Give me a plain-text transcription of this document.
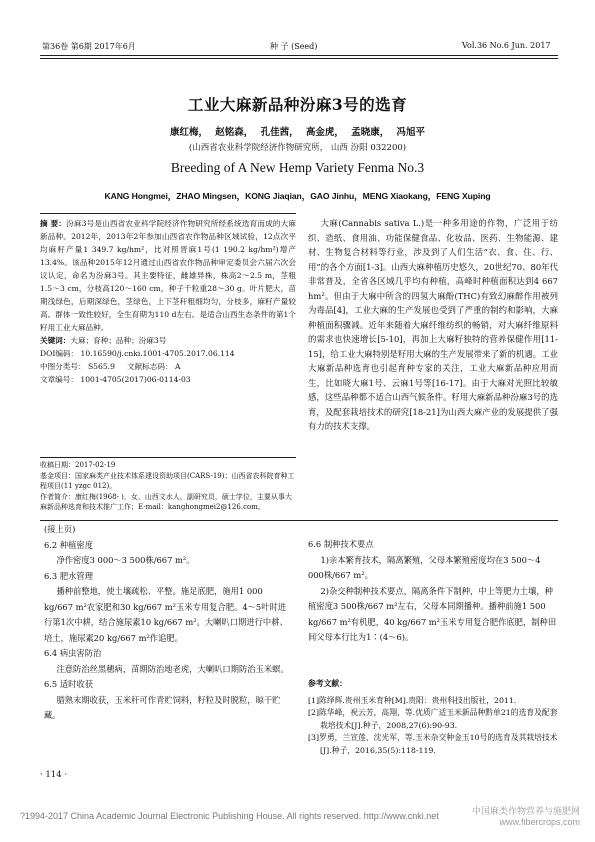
第36卷 第6期 2017年6月	种 子 (Seed)	Vol.36 No.6 Jun. 2017
工业大麻新品种汾麻3号的选育
康红梅， 赵铭森， 孔佳茜， 高金虎， 孟晓康， 冯旭平
(山西省农业科学院经济作物研究所， 山西 汾阳 032200)
Breeding of A New Hemp Variety Fenma No.3
KANG Hongmei，ZHAO Mingsen，KONG Jiaqian，GAO Jinhu，MENG Xiaokang，FENG Xuping

摘 要：汾麻3号是山西省农业科学院经济作物研究所经系统选育而成的大麻新品种。2012年，2013年2年参加山西省农作物品种区域试验，12点次平均麻籽产量1 349.7 kg/hm²，比对照晋麻1号(1 190.2 kg/hm²)增产13.4%。该品种2015年12月通过山西省农作物品种审定委员会六届六次会议认定，命名为汾麻3号。其主要特征，雌雄异株，株高2～2.5 m，茎粗1.5～3 cm，分枝高120～160 cm，种子千粒重28～30 g。叶片肥大，苗期浅绿色，后期深绿色，茎绿色，上下茎秆粗细均匀，分枝多，麻籽产量较高。群体一致性较好，全生育期为110 d左右。是适合山西生态条件的第1个籽用工业大麻品种。

关键词：大麻；育种；品种；汾麻3号

DOI编码： 10.16590/j.cnki.1001-4705.2017.06.114

中图分类号： S565.9 文献标志码： A

文章编号： 1001-4705(2017)06-0114-03

收稿日期：2017-02-19
基金项目：国家麻类产业技术体系建设资助项目(CARS-19)；山西省农科院育种工程项目(11 yzgc 012)。
作者简介：康红梅(1968- )，女，山西文水人，副研究员，硕士学位，主要从事大麻新品种选育和技术推广工作；E-mail：kanghongmei2@126.com。

大麻(Cannabis sativa L.)是一种多用途的作物，广泛用于纺织、造纸、食用油、功能保健食品、化妆品、医药、生物能源、建材、生物复合材料等行业，涉及到了人们生活“衣、食、住、行、用”的各个方面[1-3]。山西大麻种植历史悠久，20世纪70、80年代非常普及，全省各区域几乎均有种植，高峰时种植面积达到4 667 hm²。但由于大麻中所含的四氢大麻酚(THC)有致幻麻醉作用被列为毒品[4]，工业大麻的生产发展也受到了严重的制约和影响，大麻种植面积骤减。近年来随着大麻纤维纺织的畅销，对大麻纤维原料的需求也快速增长[5-10]，再加上大麻籽独特的营养保健作用[11-15]，给工业大麻特别是籽用大麻的生产发展带来了新的机遇。工业大麻新品种选育也引起育种专家的关注，工业大麻新品种应用而生，比如晓大麻1号、云麻1号等[16-17]。由于大麻对光照比较敏感，这些品种都不适合山西气候条件。籽用大麻新品种汾麻3号的选育，及配套栽培技术的研究[18-21]为山西大麻产业的发展提供了强有力的技术支撑。

(接上页)

6.2 种植密度

净作密度3 000～3 500株/667 m²。

6.3 肥水管理

播种前整地，使土壤疏松、平整。施足底肥，施用1 000 kg/667 m²农家肥和30 kg/667 m²玉米专用复合肥。4～5叶时进行第1次中耕，结合施尿素10 kg/667 m²。大喇叭口期进行中耕、培土，施尿素20 kg/667 m²作追肥。

6.4 病虫害防治

注意防治丝黑穗病，苗期防治地老虎，大喇叭口期防治玉米螟。

6.5 适时收获

腊熟末期收获，玉米秆可作青贮饲料，籽粒及时脱粒，晾干贮藏。

6.6 制种技术要点

1)亲本繁育技术，隔离繁殖，父母本繁殖密度均在3 500～4 000株/667 m²。

2)杂交种制种技术要点，隔离条件下制种，中上等肥力土壤，种植密度3 500株/667 m²左右，父母本同期播种。播种前施1 500 kg/667 m²有机肥，40 kg/667 m²玉米专用复合肥作底肥，制种田间父母本行比为1∶(4～6)。

参考文献：

[1]陈绎辉.贵州玉米育种[M].贵阳：贵州科技出版社，2011.
[2]陈华峰，祝云芳，高翔，等.优质广适玉米新品种黔单21的选育及配套栽培技术[J].种子，2008,27(6):90-93.
[3]罗勇，兰宣莲，沈光军，等.玉米杂交种金玉10号的选育及其栽培技术[J].种子，2016,35(5):118-119.
· 114 ·
?1994-2017 China Academic Journal Electronic Publishing House. All rights reserved. http://www.cnki.net	中国麻类作物营养与施肥网 www.fibercrops.com
